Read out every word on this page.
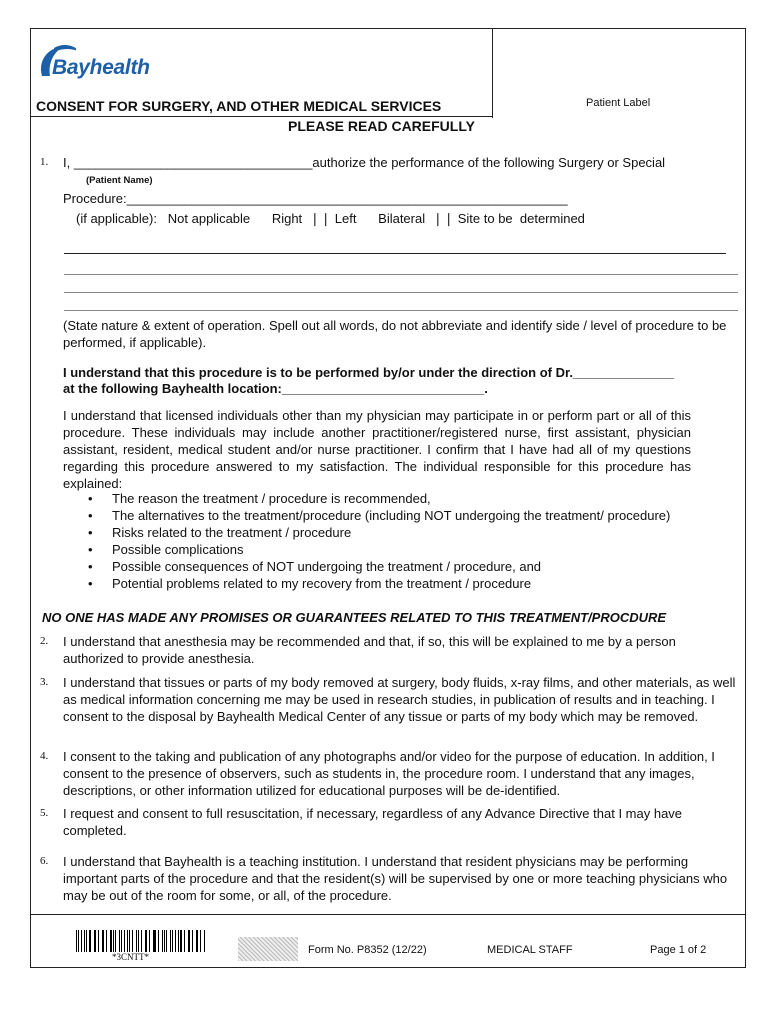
Bayhealth
Patient Label
CONSENT FOR SURGERY, AND OTHER MEDICAL SERVICES
PLEASE READ CAREFULLY
1. I, _________________________________authorize the performance of the following Surgery or Special
(Patient Name)
Procedure:_____________________________________________________________
(if applicable):   Not applicable      Right  ❘❘ Left      Bilateral  ❘❘ Site to be  determined
(State nature & extent of operation. Spell out all words, do not abbreviate and identify side / level of procedure to be performed, if applicable).
I understand that this procedure is to be performed by/or under the direction of Dr.______________
at the following Bayhealth location:____________________________.
I understand that licensed individuals other than my physician may participate in or perform part or all of this procedure. These individuals may include another practitioner/registered nurse, first assistant, physician assistant, resident, medical student and/or nurse practitioner. I confirm that I have had all of my questions regarding this procedure answered to my satisfaction. The individual responsible for this procedure has explained:
• The reason the treatment / procedure is recommended,
• The alternatives to the treatment/procedure (including NOT undergoing the treatment/ procedure)
• Risks related to the treatment / procedure
• Possible complications
• Possible consequences of NOT undergoing the treatment / procedure, and
• Potential problems related to my recovery from the treatment / procedure
NO ONE HAS MADE ANY PROMISES OR GUARANTEES RELATED TO THIS TREATMENT/PROCDURE
2. I understand that anesthesia may be recommended and that, if so, this will be explained to me by a person authorized to provide anesthesia.
3. I understand that tissues or parts of my body removed at surgery, body fluids, x-ray films, and other materials, as well as medical information concerning me may be used in research studies, in publication of results and in teaching. I consent to the disposal by Bayhealth Medical Center of any tissue or parts of my body which may be removed.
4. I consent to the taking and publication of any photographs and/or video for the purpose of education. In addition, I consent to the presence of observers, such as students in, the procedure room. I understand that any images, descriptions, or other information utilized for educational purposes will be de-identified.
5. I request and consent to full resuscitation, if necessary, regardless of any Advance Directive that I may have completed.
6. I understand that Bayhealth is a teaching institution. I understand that resident physicians may be performing important parts of the procedure and that the resident(s) will be supervised by one or more teaching physicians who may be out of the room for some, or all, of the procedure.
*3CNTT*
Form No. P8352 (12/22)	MEDICAL STAFF	Page 1 of 2
